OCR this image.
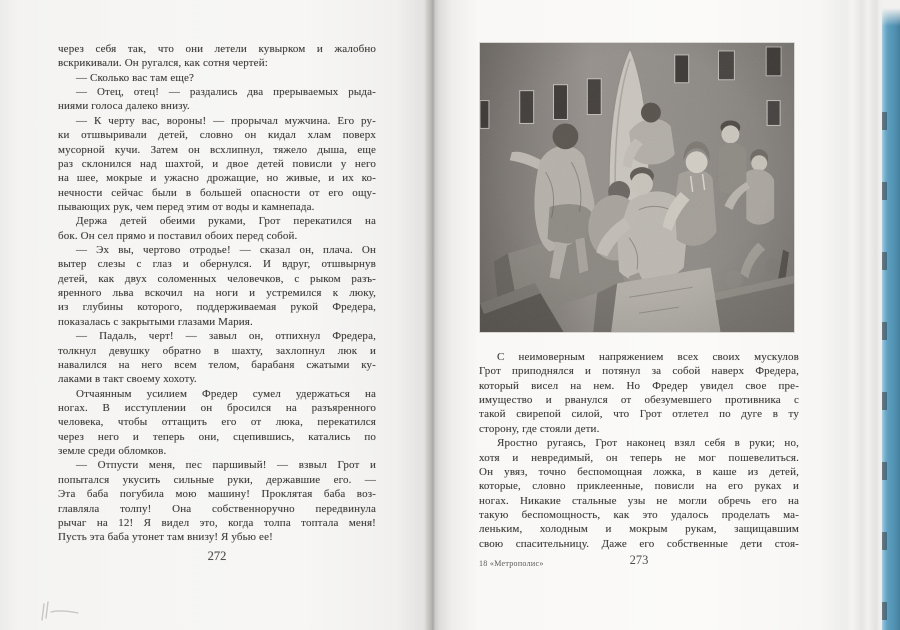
через себя так, что они летели кувырком и жалобно
вскрикивали. Он ругался, как сотня чертей:
— Сколько вас там еще?
— Отец, отец! — раздались два прерываемых рыда-
ниями голоса далеко внизу.
— К черту вас, вороны! — прорычал мужчина. Его ру-
ки отшвыривали детей, словно он кидал хлам поверх
мусорной кучи. Затем он всхлипнул, тяжело дыша, еще
раз склонился над шахтой, и двое детей повисли у него
на шее, мокрые и ужасно дрожащие, но живые, и их ко-
нечности сейчас были в большей опасности от его ощу-
пывающих рук, чем перед этим от воды и камнепада.
Держа детей обеими руками, Грот перекатился на
бок. Он сел прямо и поставил обоих перед собой.
— Эх вы, чертово отродье! — сказал он, плача. Он
вытер слезы с глаз и обернулся. И вдруг, отшвырнув
детей, как двух соломенных человечков, с рыком разъ-
яренного льва вскочил на ноги и устремился к люку,
из глубины которого, поддерживаемая рукой Фредера,
показалась с закрытыми глазами Мария.
— Падаль, черт! — завыл он, отпихнул Фредера,
толкнул девушку обратно в шахту, захлопнул люк и
навалился на него всем телом, барабаня сжатыми ку-
лаками в такт своему хохоту.
Отчаянным усилием Фредер сумел удержаться на
ногах. В исступлении он бросился на разъяренного
человека, чтобы оттащить его от люка, перекатился
через него и теперь они, сцепившись, катались по
земле среди обломков.
— Отпусти меня, пес паршивый! — взвыл Грот и
попытался укусить сильные руки, державшие его. —
Эта баба погубила мою машину! Проклятая баба воз-
главляла толпу! Она собственноручно передвинула
рычаг на 12! Я видел это, когда толпа топтала меня!
Пусть эта баба утонет там внизу! Я убью ее!
272
С неимоверным напряжением всех своих мускулов
Грот приподнялся и потянул за собой наверх Фредера,
который висел на нем. Но Фредер увидел свое пре-
имущество и рванулся от обезумевшего противника с
такой свирепой силой, что Грот отлетел по дуге в ту
сторону, где стояли дети.
Яростно ругаясь, Грот наконец взял себя в руки; но,
хотя и невредимый, он теперь не мог пошевелиться.
Он увяз, точно беспомощная ложка, в каше из детей,
которые, словно приклеенные, повисли на его руках и
ногах. Никакие стальные узы не могли обречь его на
такую беспомощность, как это удалось проделать ма-
леньким, холодным и мокрым рукам, защищавшим
свою спасительницу. Даже его собственные дети стоя-
18 «Метрополис»	273
